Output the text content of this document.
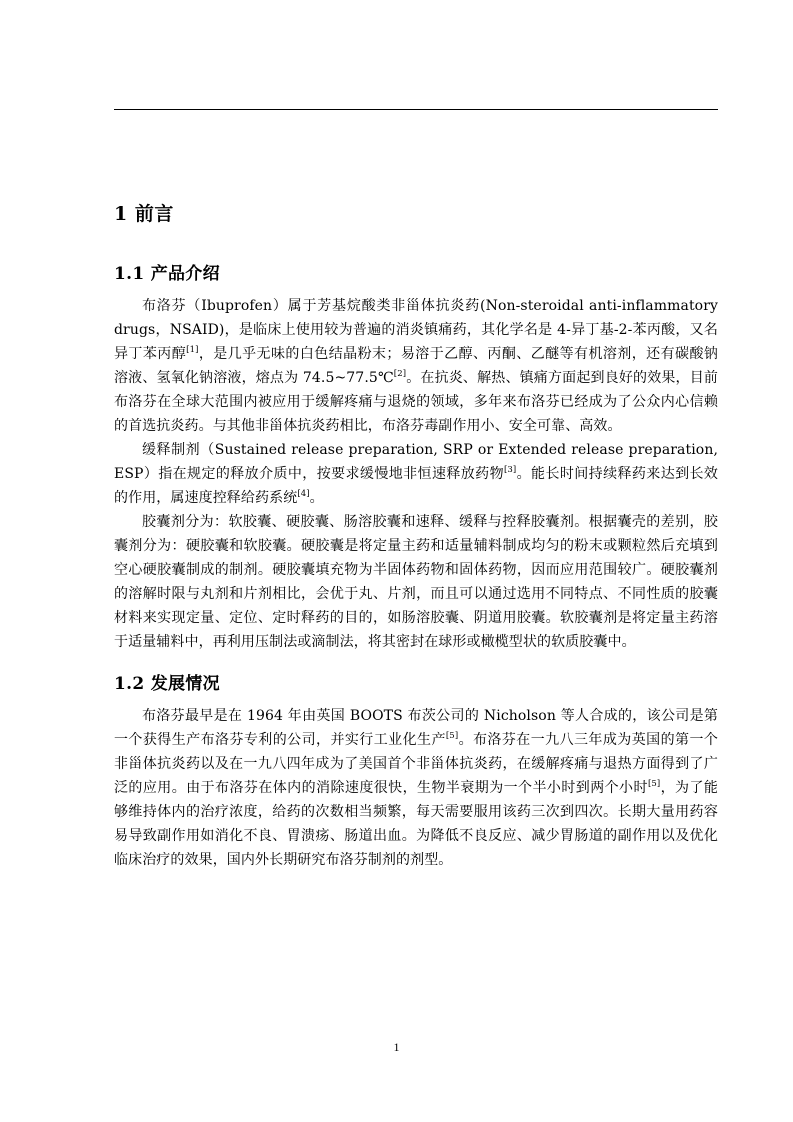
1 前言
1.1 产品介绍

布洛芬（Ibuprofen）属于芳基烷酸类非甾体抗炎药(Non-steroidal anti-inflammatory drugs，NSAID)，是临床上使用较为普遍的消炎镇痛药，其化学名是 4-异丁基-2-苯丙酸，又名异丁苯丙醇[1]，是几乎无味的白色结晶粉末；易溶于乙醇、丙酮、乙醚等有机溶剂，还有碳酸钠溶液、氢氧化钠溶液，熔点为 74.5~77.5℃[2]。在抗炎、解热、镇痛方面起到良好的效果，目前布洛芬在全球大范围内被应用于缓解疼痛与退烧的领域，多年来布洛芬已经成为了公众内心信赖的首选抗炎药。与其他非甾体抗炎药相比，布洛芬毒副作用小、安全可靠、高效。

缓释制剂（Sustained release preparation, SRP or Extended release preparation, ESP）指在规定的释放介质中，按要求缓慢地非恒速释放药物[3]。能长时间持续释药来达到长效的作用，属速度控释给药系统[4]。

胶囊剂分为：软胶囊、硬胶囊、肠溶胶囊和速释、缓释与控释胶囊剂。根据囊壳的差别，胶囊剂分为：硬胶囊和软胶囊。硬胶囊是将定量主药和适量辅料制成均匀的粉末或颗粒然后充填到空心硬胶囊制成的制剂。硬胶囊填充物为半固体药物和固体药物，因而应用范围较广。硬胶囊剂的溶解时限与丸剂和片剂相比，会优于丸、片剂，而且可以通过选用不同特点、不同性质的胶囊材料来实现定量、定位、定时释药的目的，如肠溶胶囊、阴道用胶囊。软胶囊剂是将定量主药溶于适量辅料中，再利用压制法或滴制法，将其密封在球形或橄榄型状的软质胶囊中。

1.2 发展情况

布洛芬最早是在 1964 年由英国 BOOTS 布茨公司的 Nicholson 等人合成的，该公司是第一个获得生产布洛芬专利的公司，并实行工业化生产[5]。布洛芬在一九八三年成为英国的第一个非甾体抗炎药以及在一九八四年成为了美国首个非甾体抗炎药，在缓解疼痛与退热方面得到了广泛的应用。由于布洛芬在体内的消除速度很快，生物半衰期为一个半小时到两个小时[5]，为了能够维持体内的治疗浓度，给药的次数相当频繁，每天需要服用该药三次到四次。长期大量用药容易导致副作用如消化不良、胃溃疡、肠道出血。为降低不良反应、减少胃肠道的副作用以及优化临床治疗的效果，国内外长期研究布洛芬制剂的剂型。

1
